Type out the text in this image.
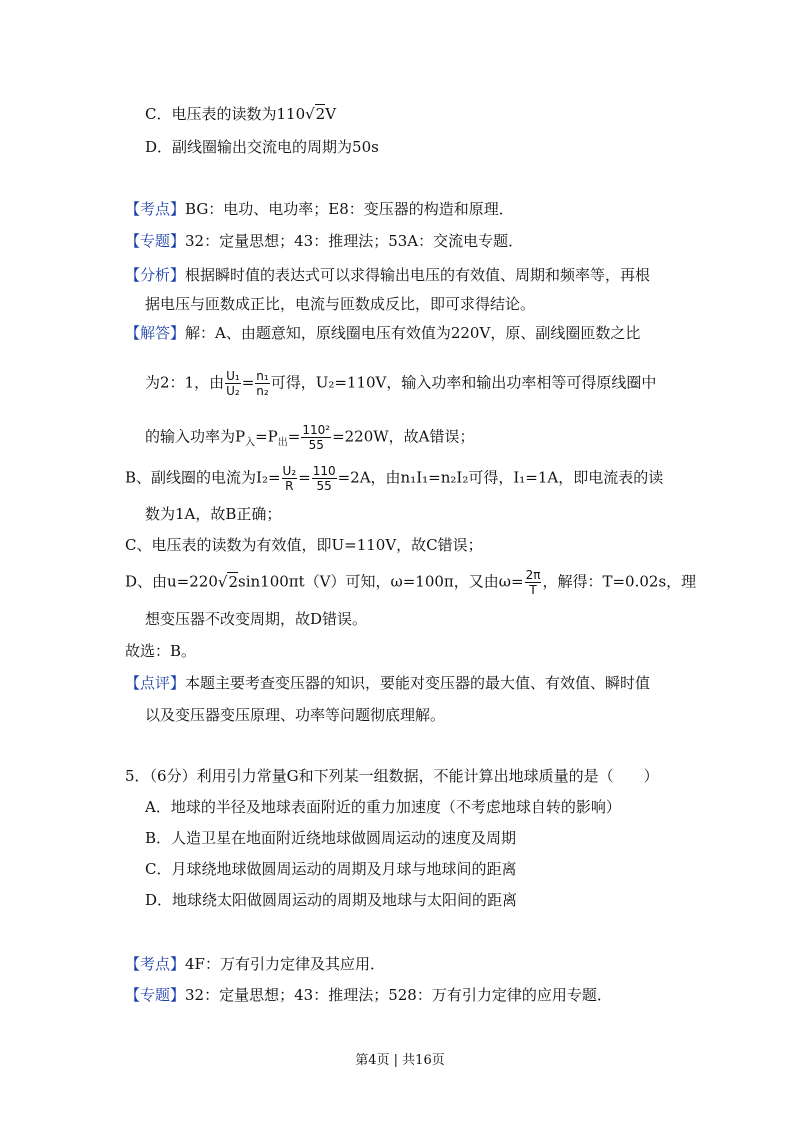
C．电压表的读数为110√2V
D．副线圈输出交流电的周期为50s
【考点】BG：电功、电功率；E8：变压器的构造和原理．
【专题】32：定量思想；43：推理法；53A：交流电专题．
【分析】根据瞬时值的表达式可以求得输出电压的有效值、周期和频率等，再根
据电压与匝数成正比，电流与匝数成反比，即可求得结论。
【解答】解：A、由题意知，原线圈电压有效值为220V，原、副线圈匝数之比
为2：1，由 $\frac{\text{U₁}}{\text{U₂}} = \frac{\text{n₁}}{\text{n₂}}$ 可得，U₂=110V，输入功率和输出功率相等可得原线圈中
的输入功率为$P_入=P_出= \frac{\text{110²}}{55} =220W$，故A错误；
B、副线圈的电流为$I_2= \frac{\text{U₂}}{R} = \frac{110}{55} =2A$，由n₁I₁=n₂I₂可得，I₁=1A，即电流表的读
数为1A，故B正确；
C、电压表的读数为有效值，即U=110V，故C错误；
D、由u=220√2sin100πt（V）可知，ω=100π，又由$\omega= \frac{2\pi}{T}$ ，解得：T=0.02s，理
想变压器不改变周期，故D错误。
故选：B。
【点评】本题主要考查变压器的知识，要能对变压器的最大值、有效值、瞬时值
以及变压器变压原理、功率等问题彻底理解。
5．（6分）利用引力常量G和下列某一组数据，不能计算出地球质量的是（　　）
A．地球的半径及地球表面附近的重力加速度（不考虑地球自转的影响）
B．人造卫星在地面附近绕地球做圆周运动的速度及周期
C．月球绕地球做圆周运动的周期及月球与地球间的距离
D．地球绕太阳做圆周运动的周期及地球与太阳间的距离
【考点】4F：万有引力定律及其应用．
【专题】32：定量思想；43：推理法；528：万有引力定律的应用专题．
第4页 | 共16页
